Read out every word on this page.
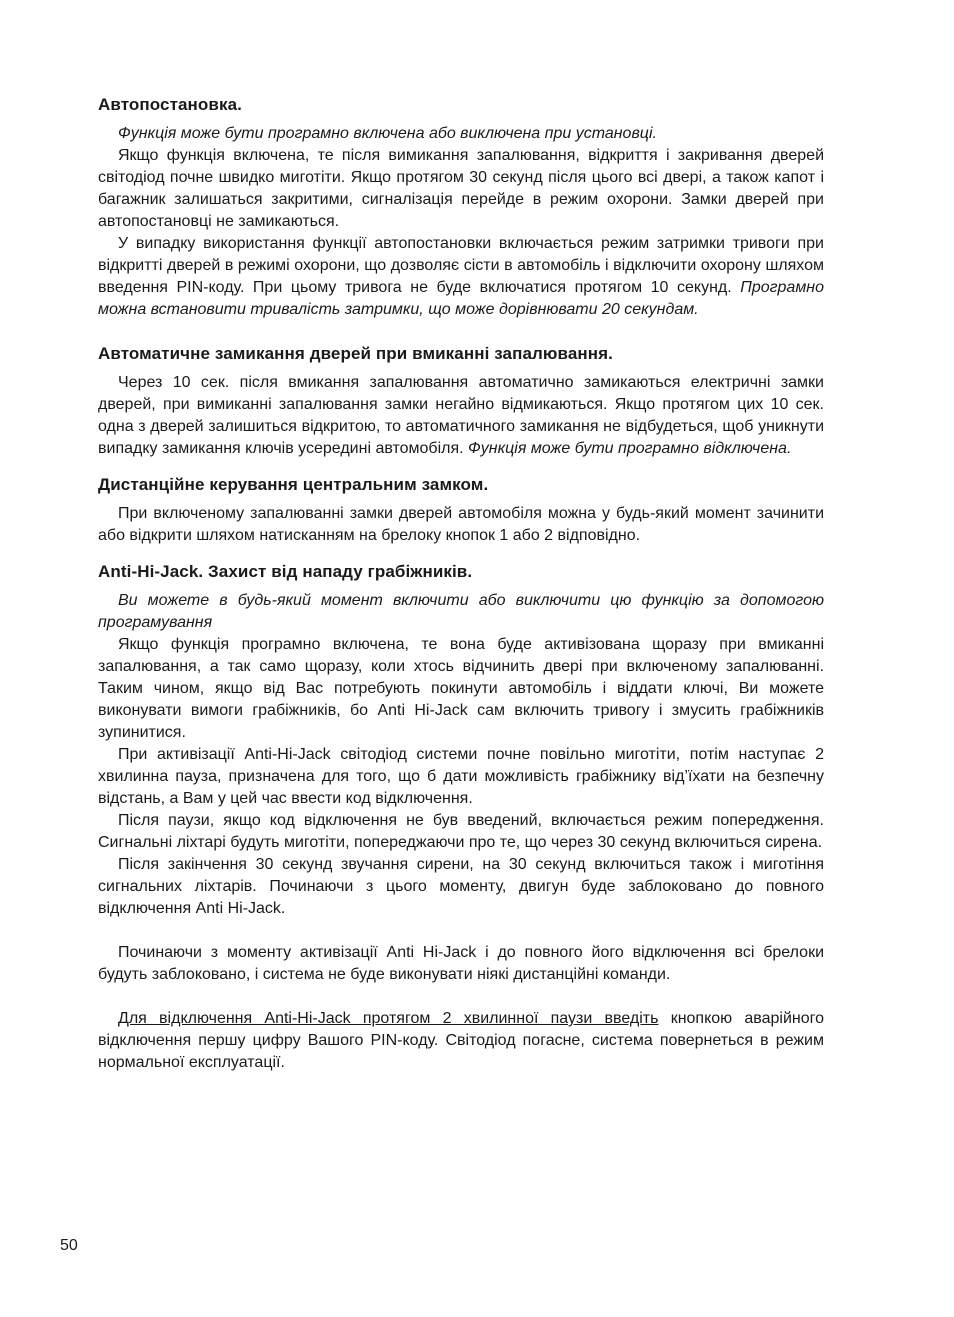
Автопостановка.

Функція може бути програмно включена або виключена при установці.

Якщо функція включена, те після вимикання запалювання, відкриття і закривання дверей світодіод почне швидко миготіти. Якщо протягом 30 секунд після цього всі двері, а також капот і багажник залишаться закритими, сигналізація перейде в режим охорони. Замки дверей при автопостановці не замикаються.

У випадку використання функції автопостановки включається режим затримки тривоги при відкритті дверей в режимі охорони, що дозволяє сісти в автомобіль і відключити охорону шляхом введення PIN-коду. При цьому тривога не буде включатися протягом 10 секунд. Програмно можна встановити тривалість затримки, що може дорівнювати 20 секундам.

Автоматичне замикання дверей при вмиканні запалювання.

Через 10 сек. після вмикання запалювання автоматично замикаються електричні замки дверей, при вимиканні запалювання замки негайно відмикаються. Якщо протягом цих 10 сек. одна з дверей залишиться відкритою, то автоматичного замикання не відбудеться, щоб уникнути випадку замикання ключів усередині автомобіля. Функція може бути програмно відключена.

Дистанційне керування центральним замком.

При включеному запалюванні замки дверей автомобіля можна у будь-який момент зачинити або відкрити шляхом натисканням на брелоку кнопок 1 або 2 відповідно.

Anti-Hi-Jack. Захист від нападу грабіжників.

Ви можете в будь-який момент включити або виключити цю функцію за допомогою програмування

Якщо функція програмно включена, те вона буде активізована щоразу при вмиканні запалювання, а так само щоразу, коли хтось відчинить двері при включеному запалюванні. Таким чином, якщо від Вас потребують покинути автомобіль і віддати ключі, Ви можете виконувати вимоги грабіжників, бо Anti Hi-Jack сам включить тривогу і змусить грабіжників зупинитися.

При активізації Anti-Hi-Jack світодіод системи почне повільно миготіти, потім наступає 2 хвилинна пауза, призначена для того, що б дати можливість грабіжнику від’їхати на безпечну відстань, а Вам у цей час ввести код відключення.

Після паузи, якщо код відключення не був введений, включається режим попередження. Сигнальні ліхтарі будуть миготіти, попереджаючи про те, що через 30 секунд включиться сирена.

Після закінчення 30 секунд звучання сирени, на 30 секунд включиться також і миготіння сигнальних ліхтарів. Починаючи з цього моменту, двигун буде заблоковано до повного відключення Anti Hi-Jack.

Починаючи з моменту активізації Anti Hi-Jack і до повного його відключення всі брелоки будуть заблоковано, і система не буде виконувати ніякі дистанційні команди.

Для відключення Anti-Hi-Jack протягом 2 хвилинної паузи введіть кнопкою аварійного відключення першу цифру Вашого PIN-коду. Світодіод погасне, система повернеться в режим нормальної експлуатації.

50
